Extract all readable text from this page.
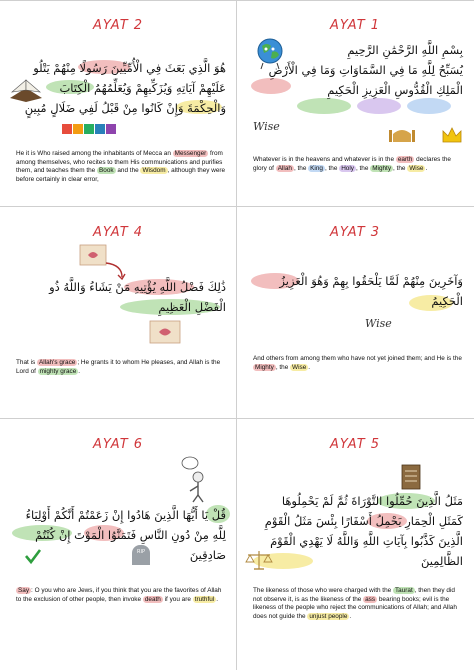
AYAT 2
هُوَ الَّذِي بَعَثَ فِي الْأُمِّيِّينَ رَسُولًا مِنْهُمْ يَتْلُو
عَلَيْهِمْ آيَاتِهِ وَيُزَكِّيهِمْ وَيُعَلِّمُهُمُ الْكِتَابَ
وَالْحِكْمَةَ وَإِنْ كَانُوا مِنْ قَبْلُ لَفِي ضَلَالٍ مُبِينٍ
He it is Who raised among the inhabitants of Mecca an Messenger from among themselves, who recites to them His communications and purifies them, and teaches them the Book and the Wisdom , although they were before certainly in clear error,
AYAT 1
بِسْمِ اللَّهِ الرَّحْمَٰنِ الرَّحِيمِ
يُسَبِّحُ لِلَّهِ مَا فِي السَّمَاوَاتِ وَمَا فِي الْأَرْضِ
الْمَلِكِ الْقُدُّوسِ الْعَزِيزِ الْحَكِيمِ
Wise
Whatever is in the heavens and whatever is in the earth declares the glory of Allah , the King , the Holy , the Mighty , the Wise .
AYAT 4
ذَٰلِكَ فَضْلُ اللَّهِ يُؤْتِيهِ مَنْ يَشَاءُ وَاللَّهُ ذُو
الْفَضْلِ الْعَظِيمِ
That is Allah's grace ; He grants it to whom He pleases, and Allah is the Lord of mighty grace .
AYAT 3
وَآخَرِينَ مِنْهُمْ لَمَّا يَلْحَقُوا بِهِمْ وَهُوَ الْعَزِيزُ
الْحَكِيمُ
Wise
And others from among them who have not yet joined them; and He is the Mighty , the Wise .
AYAT 6
قُلْ يَا أَيُّهَا الَّذِينَ هَادُوا إِنْ زَعَمْتُمْ أَنَّكُمْ أَوْلِيَاءُ
لِلَّهِ مِنْ دُونِ النَّاسِ فَتَمَنَّوُا الْمَوْتَ إِنْ كُنْتُمْ صَادِقِينَ
RIP
Say : O you who are Jews, if you think that you are the favorites of Allah to the exclusion of other people, then invoke death if you are truthful .
AYAT 5
مَثَلُ الَّذِينَ حُمِّلُوا التَّوْرَاةَ ثُمَّ لَمْ يَحْمِلُوهَا
كَمَثَلِ الْحِمَارِ يَحْمِلُ أَسْفَارًا بِئْسَ مَثَلُ الْقَوْمِ
الَّذِينَ كَذَّبُوا بِآيَاتِ اللَّهِ وَاللَّهُ لَا يَهْدِي الْقَوْمَ
الظَّالِمِينَ
The likeness of those who were charged with the Taurat , then they did not observe it, is as the likeness of the ass bearing books; evil is the likeness of the people who reject the communications of Allah; and Allah does not guide the unjust people .
